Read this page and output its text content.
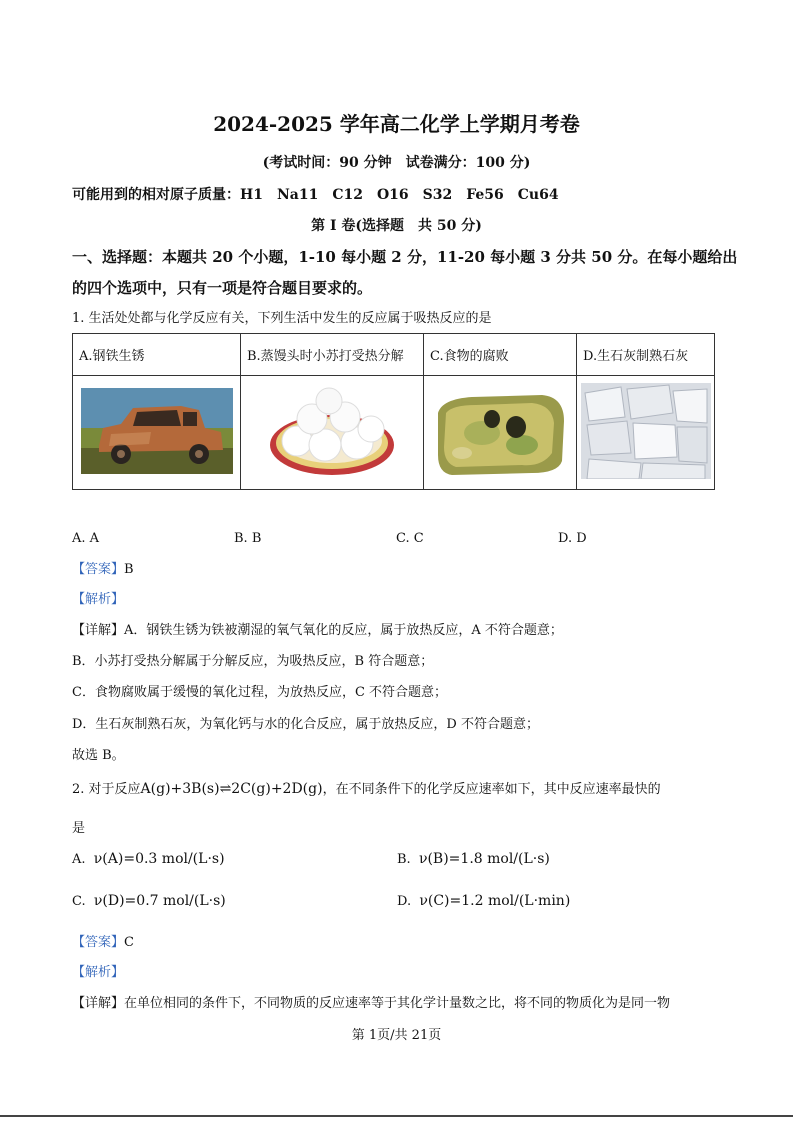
2024-2025 学年高二化学上学期月考卷
(考试时间：90 分钟　试卷满分：100 分)
可能用到的相对原子质量：H1　Na11　C12　O16　S32　Fe56　Cu64
第 I 卷(选择题　共 50 分)
一、选择题：本题共 20 个小题，1-10 每小题 2 分，11-20 每小题 3 分共 50 分。在每小题给出
的四个选项中，只有一项是符合题目要求的。
1. 生活处处都与化学反应有关，下列生活中发生的反应属于吸热反应的是
A.钢铁生锈	B.蒸馒头时小苏打受热分解	C.食物的腐败	D.生石灰制熟石灰

A. A	B. B	C. C	D. D
【答案】B
【解析】
【详解】A．钢铁生锈为铁被潮湿的氧气氧化的反应，属于放热反应，A 不符合题意；
B．小苏打受热分解属于分解反应，为吸热反应，B 符合题意；
C．食物腐败属于缓慢的氧化过程，为放热反应，C 不符合题意；
D．生石灰制熟石灰，为氧化钙与水的化合反应，属于放热反应，D 不符合题意；
故选 B。
2. 对于反应A(g)+3B(s)⇌2C(g)+2D(g)，在不同条件下的化学反应速率如下，其中反应速率最快的
是
A. ν(A)=0.3 mol/(L·s)	B. ν(B)=1.8 mol/(L·s)
C. ν(D)=0.7 mol/(L·s)	D. ν(C)=1.2 mol/(L·min)
【答案】C
【解析】
【详解】在单位相同的条件下，不同物质的反应速率等于其化学计量数之比，将不同的物质化为是同一物
第 1页/共 21页
